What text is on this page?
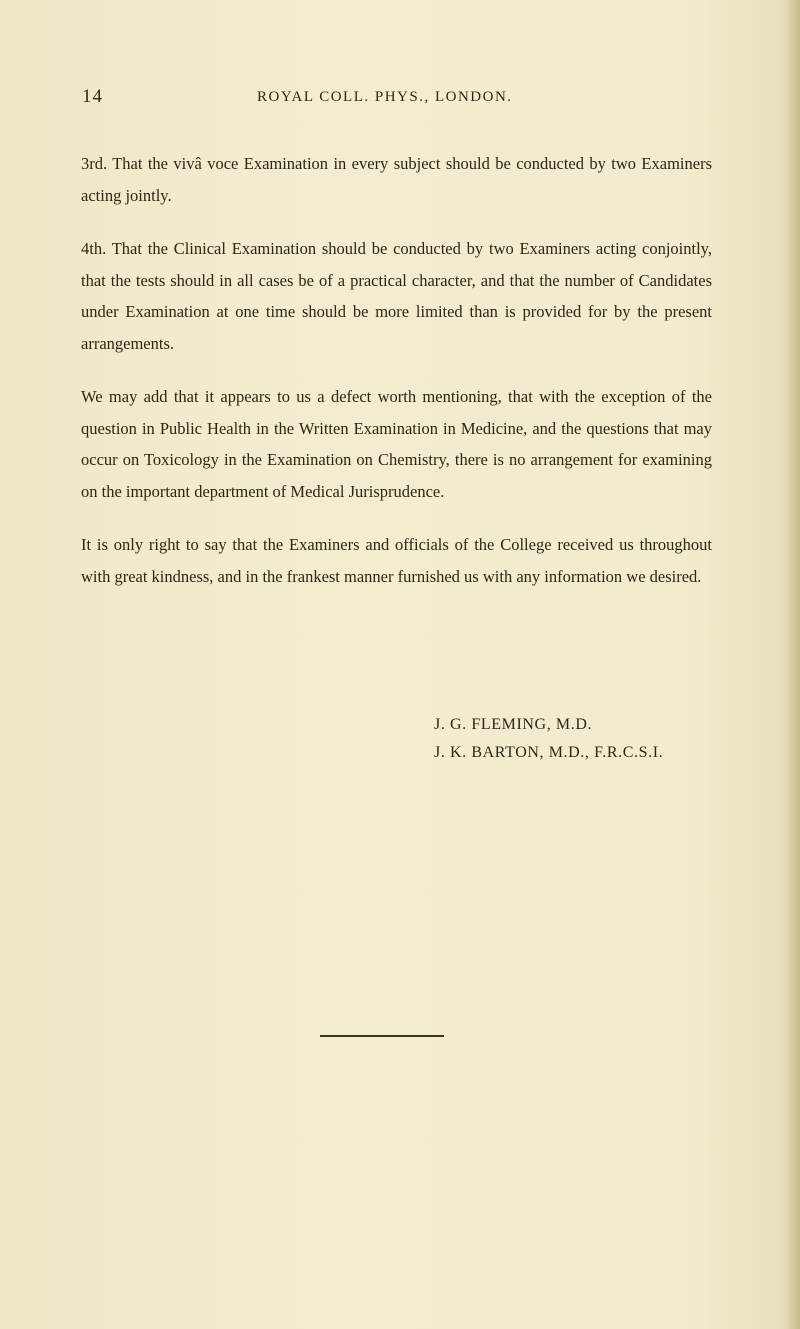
14	ROYAL COLL. PHYS., LONDON.

3rd. That the vivâ voce Examination in every subject should be conducted by two Examiners acting jointly.

4th. That the Clinical Examination should be conducted by two Examiners acting conjointly, that the tests should in all cases be of a practical character, and that the number of Candidates under Examination at one time should be more limited than is provided for by the present arrangements.

We may add that it appears to us a defect worth mentioning, that with the exception of the question in Public Health in the Written Examination in Medicine, and the questions that may occur on Toxicology in the Examination on Chemistry, there is no arrangement for examining on the important department of Medical Jurisprudence.

It is only right to say that the Examiners and officials of the College received us throughout with great kindness, and in the frankest manner furnished us with any information we desired.

J. G. FLEMING, M.D.
J. K. BARTON, M.D., F.R.C.S.I.
